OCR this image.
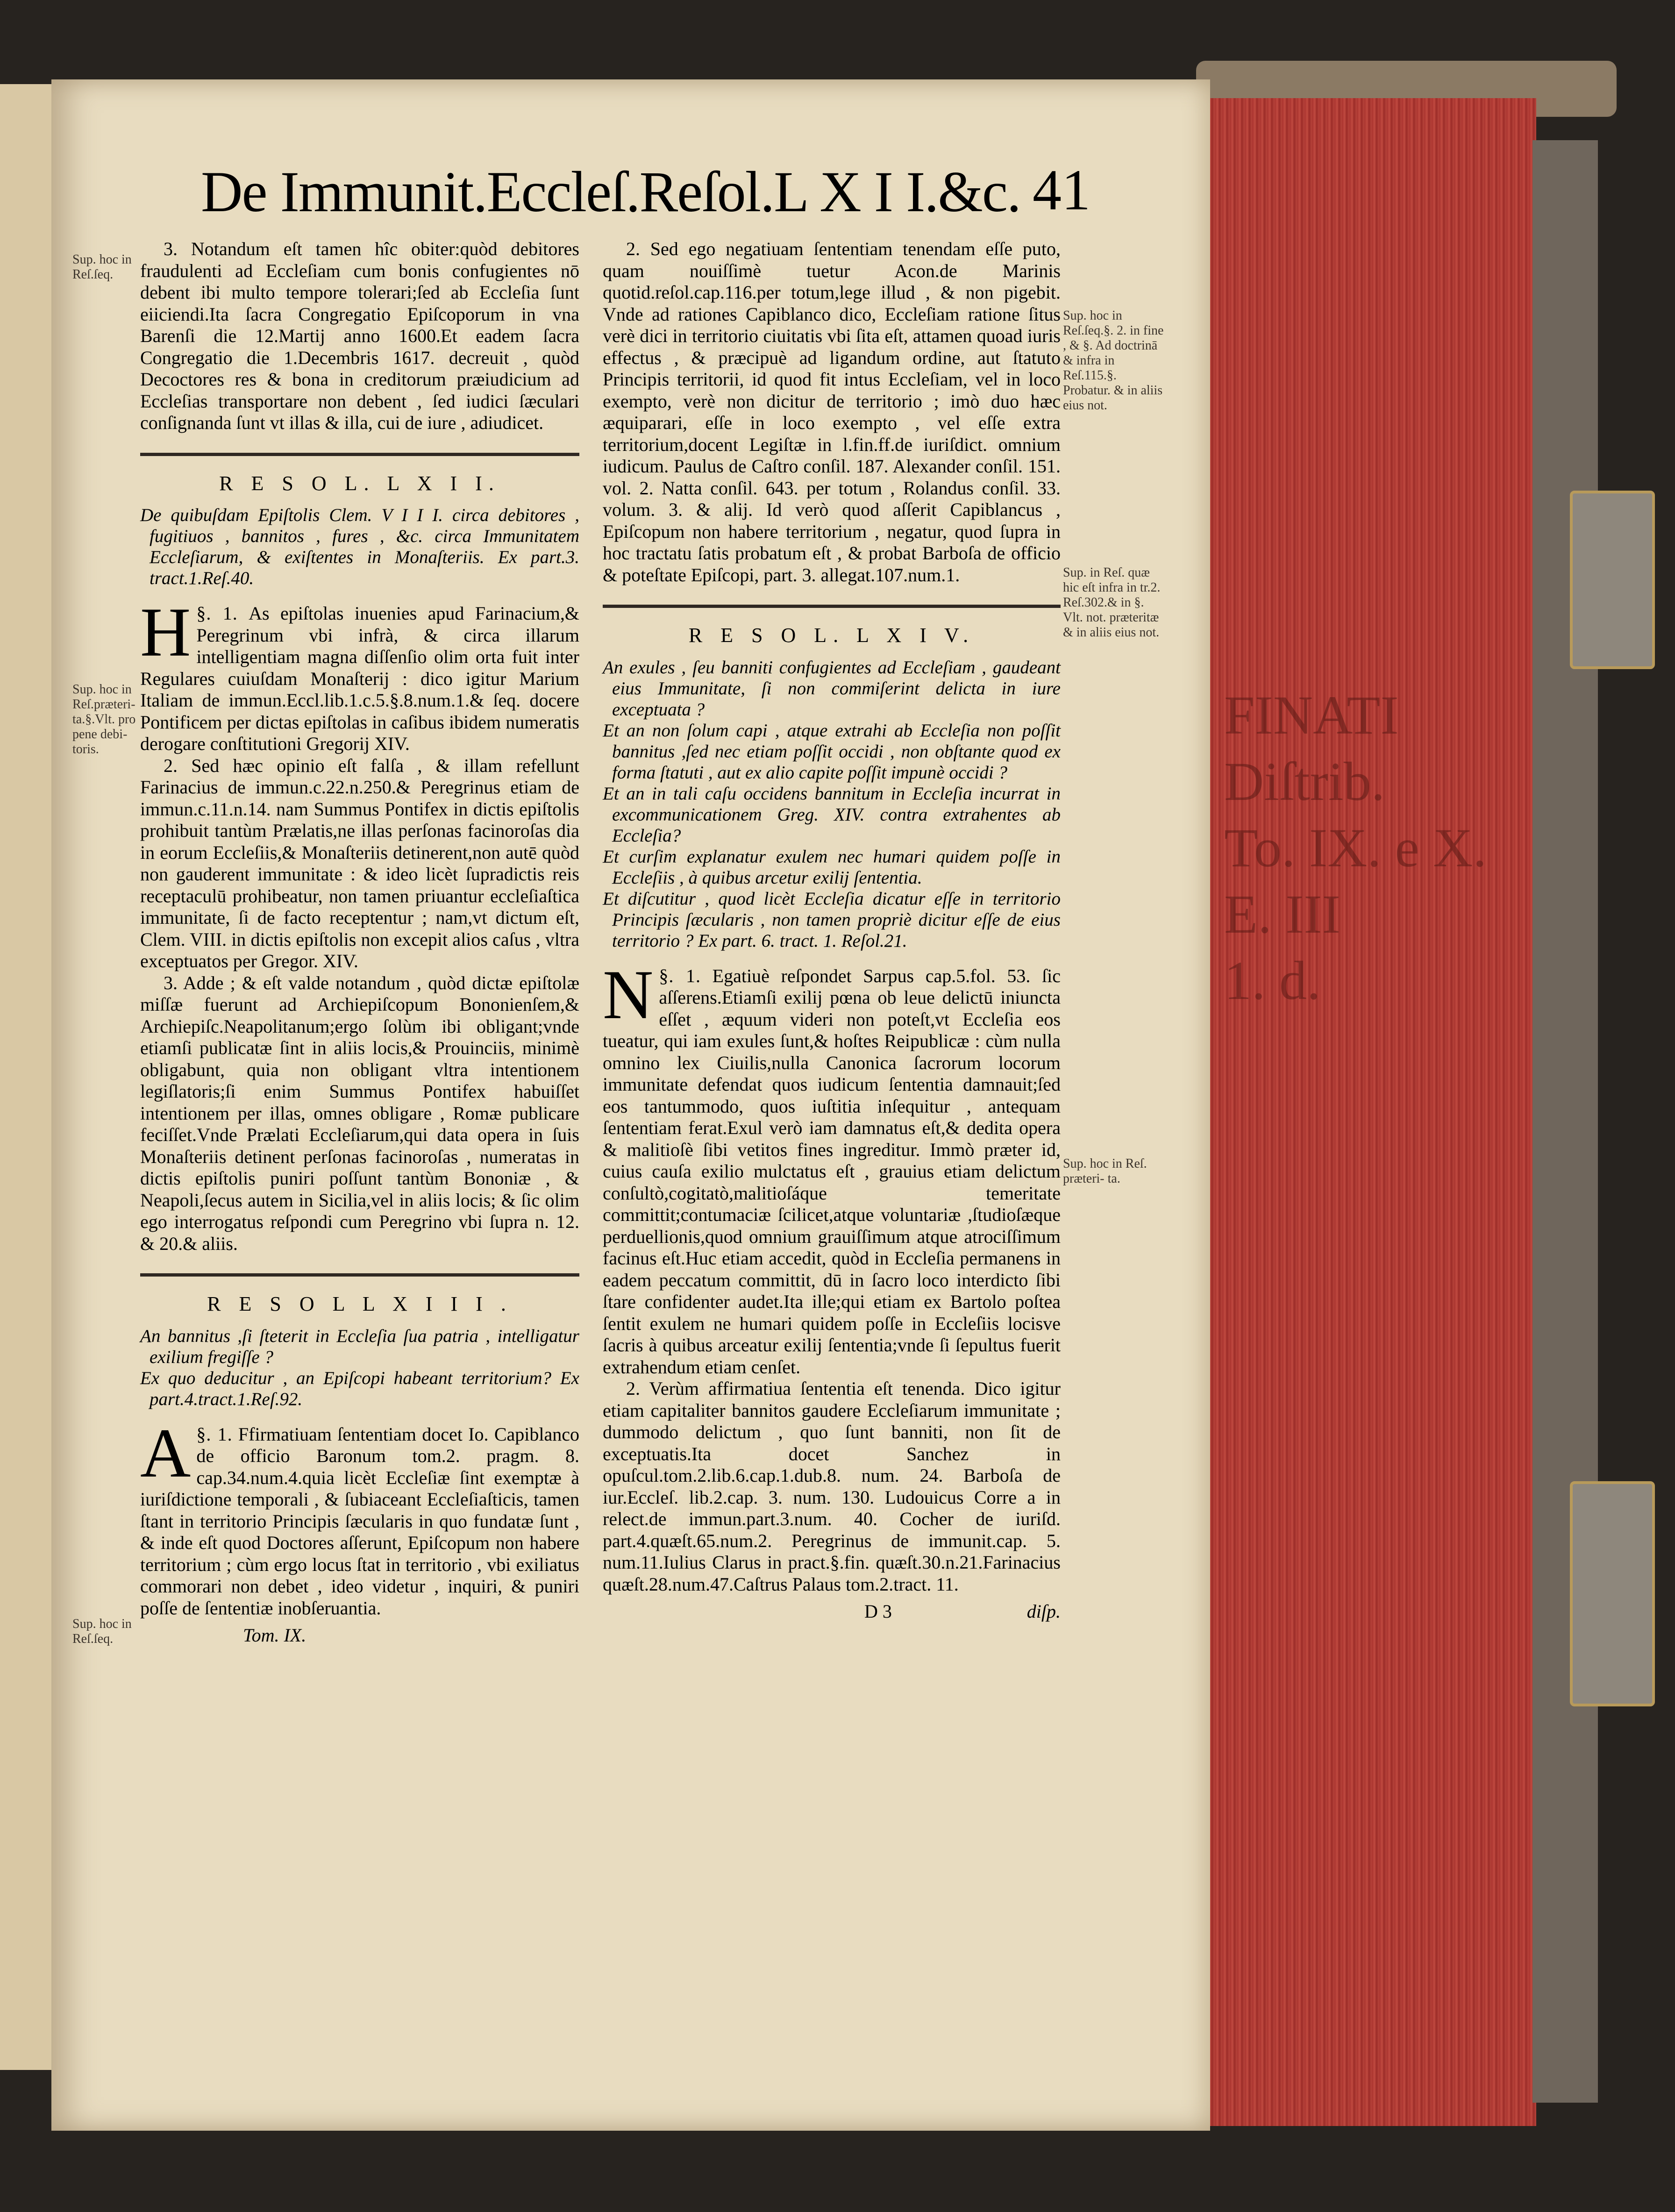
FINATI
Diſtrib.
To. IX. e X.
E. III
1. d.
De Immunit.Eccleſ.Reſol.L X I I.&c. 41
Sup. hoc in Reſ.ſeq.
Sup. hoc in Reſ.præteri- ta.§.Vlt. pro pene debi- toris.
Sup. hoc in Reſ.ſeq.
Sup. hoc in Reſ.ſeq.§. 2. in fine , & §. Ad doctrinā & infra in Reſ.115.§. Probatur. & in aliis eius not.
Sup. in Reſ. quæ hic eſt infra in tr.2. Reſ.302.& in §. Vlt. not. præteritæ & in aliis eius not.
Sup. hoc in Reſ. præteri- ta.

3. Notandum eſt tamen hîc obiter:quòd debitores fraudulenti ad Eccleſiam cum bonis confugientes nō debent ibi multo tempore tolerari;ſed ab Eccleſia ſunt eiiciendi.Ita ſacra Congregatio Epiſcoporum in vna Barenſi die 12.Martij anno 1600.Et eadem ſacra Congregatio die 1.Decembris 1617. decreuit , quòd Decoctores res & bona in creditorum præiudicium ad Eccleſias transportare non debent , ſed iudici ſæculari conſignanda ſunt vt illas & illa, cui de iure , adiudicet.

R E S O L. L X I I.

De quibuſdam Epiſtolis Clem. V I I I. circa debitores , fugitiuos , bannitos , fures , &c. circa Immunitatem Eccleſiarum, & exiſtentes in Monaſteriis. Ex part.3. tract.1.Reſ.40.

§. 1.
H	As epiſtolas inuenies apud Farinacium,& Peregrinum vbi infrà, & circa illarum intelligentiam magna diſſenſio olim orta fuit inter Regulares cuiuſdam Monaſterij : dico igitur Marium Italiam de immun.Eccl.lib.1.c.5.§.8.num.1.& ſeq. docere Pontificem per dictas epiſtolas in caſibus ibidem numeratis derogare conſtitutioni Gregorij XIV.

2. Sed hæc opinio eſt falſa , & illam refellunt Farinacius de immun.c.22.n.250.& Peregrinus etiam de immun.c.11.n.14. nam Summus Pontifex in dictis epiſtolis prohibuit tantùm Prælatis,ne illas perſonas facinoroſas dia in eorum Eccleſiis,& Monaſteriis detinerent,non autē quòd non gauderent immunitate : & ideo licèt ſupradictis reis receptaculū prohibeatur, non tamen priuantur eccleſiaſtica immunitate, ſi de facto receptentur ; nam,vt dictum eſt, Clem. VIII. in dictis epiſtolis non excepit alios caſus , vltra exceptuatos per Gregor. XIV.

3. Adde ; & eſt valde notandum , quòd dictæ epiſtolæ miſſæ fuerunt ad Archiepiſcopum Bononienſem,& Archiepiſc.Neapolitanum;ergo ſolùm ibi obligant;vnde etiamſi publicatæ ſint in aliis locis,& Prouinciis, minimè obligabunt, quia non obligant vltra intentionem legiſlatoris;ſi enim Summus Pontifex habuiſſet intentionem per illas, omnes obligare , Romæ publicare feciſſet.Vnde Prælati Eccleſiarum,qui data opera in ſuis Monaſteriis detinent perſonas facinoroſas , numeratas in dictis epiſtolis puniri poſſunt tantùm Bononiæ , & Neapoli,ſecus autem in Sicilia,vel in aliis locis; & ſic olim ego interrogatus reſpondi cum Peregrino vbi ſupra n. 12. & 20.& aliis.

R E S O L L X I I I .

An bannitus ,ſi ſteterit in Eccleſia ſua patria , intelligatur exilium fregiſſe ?

Ex quo deducitur , an Epiſcopi habeant territorium? Ex part.4.tract.1.Reſ.92.

§. 1.
A	Ffirmatiuam ſententiam docet Io. Capiblanco de officio Baronum tom.2. pragm. 8. cap.34.num.4.quia licèt Eccleſiæ ſint exemptæ à iuriſdictione temporali , & ſubiaceant Eccleſiaſticis, tamen ſtant in territorio Principis ſæcularis in quo fundatæ ſunt , & inde eſt quod Doctores aſſerunt, Epiſcopum non habere territorium ; cùm ergo locus ſtat in territorio , vbi exiliatus commorari non debet , ideo videtur , inquiri, & puniri poſſe de ſententiæ inobſeruantia.

Tom. IX.

2. Sed ego negatiuam ſententiam tenendam eſſe puto, quam nouiſſimè tuetur Acon.de Marinis quotid.reſol.cap.116.per totum,lege illud , & non pigebit. Vnde ad rationes Capiblanco dico, Eccleſiam ratione ſitus verè dici in territorio ciuitatis vbi ſita eſt, attamen quoad iuris effectus , & præcipuè ad ligandum ordine, aut ſtatuto Principis territorii, id quod fit intus Eccleſiam, vel in loco exempto, verè non dicitur de territorio ; imò duo hæc æquiparari, eſſe in loco exempto , vel eſſe extra territorium,docent Legiſtæ in l.fin.ff.de iuriſdict. omnium iudicum. Paulus de Caſtro conſil. 187. Alexander conſil. 151. vol. 2. Natta conſil. 643. per totum , Rolandus conſil. 33. volum. 3. & alij. Id verò quod aſſerit Capiblancus , Epiſcopum non habere territorium , negatur, quod ſupra in hoc tractatu ſatis probatum eſt , & probat Barboſa de officio & poteſtate Epiſcopi, part. 3. allegat.107.num.1.

R E S O L. L X I V.

An exules , ſeu banniti confugientes ad Eccleſiam , gaudeant eius Immunitate, ſi non commiſerint delicta in iure exceptuata ?

Et an non ſolum capi , atque extrahi ab Eccleſia non poſſit bannitus ,ſed nec etiam poſſit occidi , non obſtante quod ex forma ſtatuti , aut ex alio capite poſſit impunè occidi ?

Et an in tali caſu occidens bannitum in Eccleſia incurrat in excommunicationem Greg. XIV. contra extrahentes ab Eccleſia?

Et curſim explanatur exulem nec humari quidem poſſe in Eccleſiis , à quibus arcetur exilij ſententia.

Et diſcutitur , quod licèt Eccleſia dicatur eſſe in territorio Principis ſæcularis , non tamen propriè dicitur eſſe de eius territorio ? Ex part. 6. tract. 1. Reſol.21.

§. 1.
N	Egatiuè reſpondet Sarpus cap.5.fol. 53. ſic aſſerens.Etiamſi exilij pœna ob leue delictū iniuncta eſſet , æquum videri non poteſt,vt Eccleſia eos tueatur, qui iam exules ſunt,& hoſtes Reipublicæ : cùm nulla omnino lex Ciuilis,nulla Canonica ſacrorum locorum immunitate defendat quos iudicum ſententia damnauit;ſed eos tantummodo, quos iuſtitia inſequitur , antequam ſententiam ferat.Exul verò iam damnatus eſt,& dedita opera & malitioſè ſibi vetitos fines ingreditur. Immò præter id, cuius cauſa exilio mulctatus eſt , grauius etiam delictum conſultò,cogitatò,malitioſáque temeritate committit;contumaciæ ſcilicet,atque voluntariæ ,ſtudioſæque perduellionis,quod omnium grauiſſimum atque atrociſſimum facinus eſt.Huc etiam accedit, quòd in Eccleſia permanens in eadem peccatum committit, dū in ſacro loco interdicto ſibi ſtare confidenter audet.Ita ille;qui etiam ex Bartolo poſtea ſentit exulem ne humari quidem poſſe in Eccleſiis locisve ſacris à quibus arceatur exilij ſententia;vnde ſi ſepultus fuerit extrahendum etiam cenſet.

2. Verùm affirmatiua ſententia eſt tenenda. Dico igitur etiam capitaliter bannitos gaudere Eccleſiarum immunitate ; dummodo delictum , quo ſunt banniti, non ſit de exceptuatis.Ita docet Sanchez in opuſcul.tom.2.lib.6.cap.1.dub.8. num. 24. Barboſa de iur.Eccleſ. lib.2.cap. 3. num. 130. Ludouicus Corre a in relect.de immun.part.3.num. 40. Cocher de iuriſd. part.4.quæſt.65.num.2. Peregrinus de immunit.cap. 5. num.11.Iulius Clarus in pract.§.fin. quæſt.30.n.21.Farinacius quæſt.28.num.47.Caſtrus Palaus tom.2.tract. 11.

D 3	diſp.
